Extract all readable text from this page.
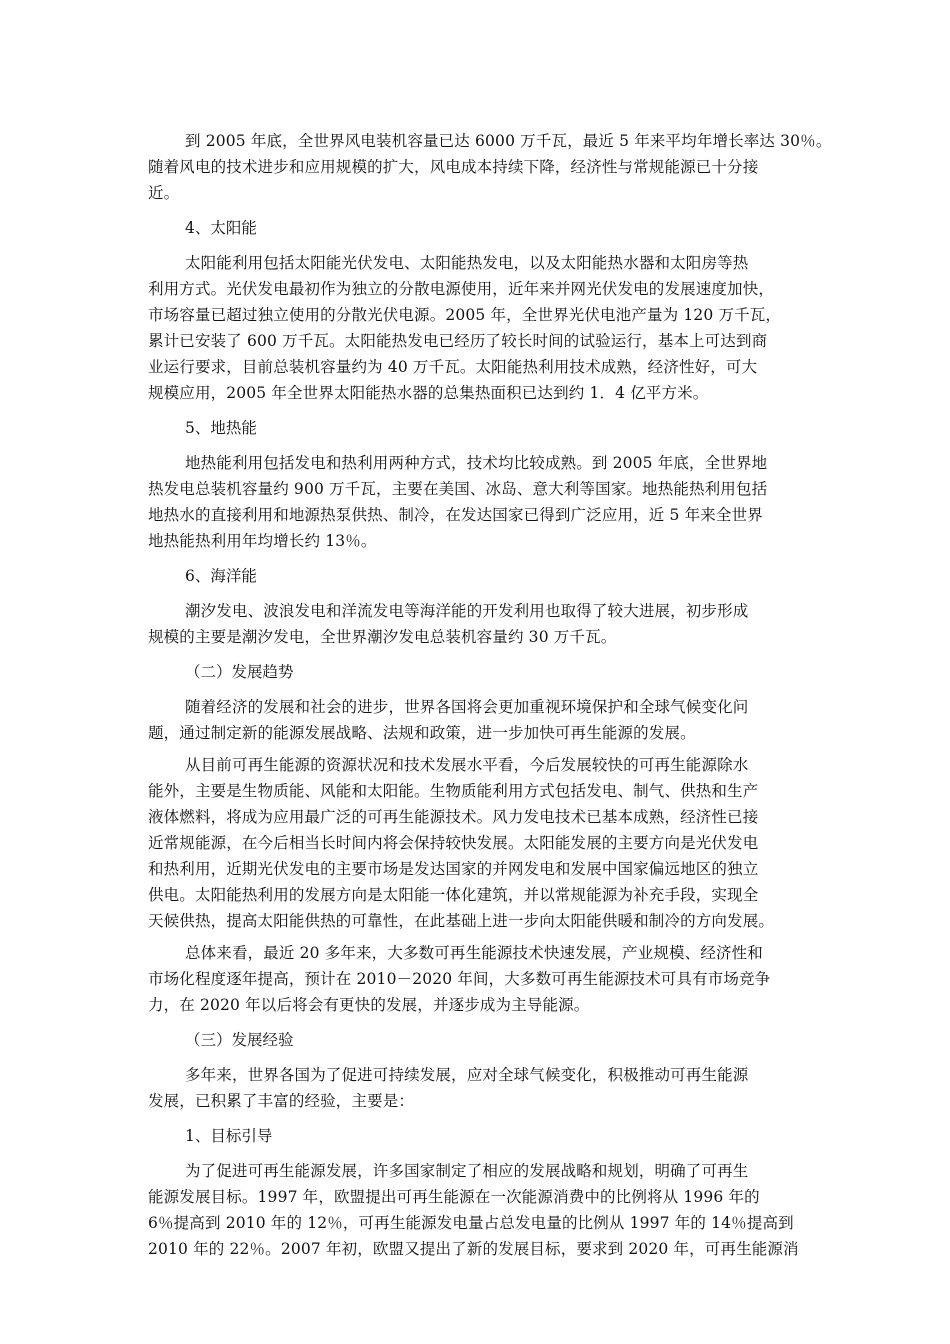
到 2005 年底，全世界风电装机容量已达 6000 万千瓦，最近 5 年来平均年增长率达 30％。
随着风电的技术进步和应用规模的扩大，风电成本持续下降，经济性与常规能源已十分接
近。
4、太阳能
太阳能利用包括太阳能光伏发电、太阳能热发电，以及太阳能热水器和太阳房等热
利用方式。光伏发电最初作为独立的分散电源使用，近年来并网光伏发电的发展速度加快，
市场容量已超过独立使用的分散光伏电源。2005 年，全世界光伏电池产量为 120 万千瓦，
累计已安装了 600 万千瓦。太阳能热发电已经历了较长时间的试验运行，基本上可达到商
业运行要求，目前总装机容量约为 40 万千瓦。太阳能热利用技术成熟，经济性好，可大
规模应用，2005 年全世界太阳能热水器的总集热面积已达到约 1．4 亿平方米。
5、地热能
地热能利用包括发电和热利用两种方式，技术均比较成熟。到 2005 年底，全世界地
热发电总装机容量约 900 万千瓦，主要在美国、冰岛、意大利等国家。地热能热利用包括
地热水的直接利用和地源热泵供热、制冷，在发达国家已得到广泛应用，近 5 年来全世界
地热能热利用年均增长约 13％。
6、海洋能
潮汐发电、波浪发电和洋流发电等海洋能的开发利用也取得了较大进展，初步形成
规模的主要是潮汐发电，全世界潮汐发电总装机容量约 30 万千瓦。
（二）发展趋势
随着经济的发展和社会的进步，世界各国将会更加重视环境保护和全球气候变化问
题，通过制定新的能源发展战略、法规和政策，进一步加快可再生能源的发展。
从目前可再生能源的资源状况和技术发展水平看，今后发展较快的可再生能源除水
能外，主要是生物质能、风能和太阳能。生物质能利用方式包括发电、制气、供热和生产
液体燃料，将成为应用最广泛的可再生能源技术。风力发电技术已基本成熟，经济性已接
近常规能源，在今后相当长时间内将会保持较快发展。太阳能发展的主要方向是光伏发电
和热利用，近期光伏发电的主要市场是发达国家的并网发电和发展中国家偏远地区的独立
供电。太阳能热利用的发展方向是太阳能一体化建筑，并以常规能源为补充手段，实现全
天候供热，提高太阳能供热的可靠性，在此基础上进一步向太阳能供暖和制冷的方向发展。
总体来看，最近 20 多年来，大多数可再生能源技术快速发展，产业规模、经济性和
市场化程度逐年提高，预计在 2010－2020 年间，大多数可再生能源技术可具有市场竞争
力，在 2020 年以后将会有更快的发展，并逐步成为主导能源。
（三）发展经验
多年来，世界各国为了促进可持续发展，应对全球气候变化，积极推动可再生能源
发展，已积累了丰富的经验，主要是：
1、目标引导
为了促进可再生能源发展，许多国家制定了相应的发展战略和规划，明确了可再生
能源发展目标。1997 年，欧盟提出可再生能源在一次能源消费中的比例将从 1996 年的
6％提高到 2010 年的 12％，可再生能源发电量占总发电量的比例从 1997 年的 14％提高到
2010 年的 22％。2007 年初，欧盟又提出了新的发展目标，要求到 2020 年，可再生能源消
